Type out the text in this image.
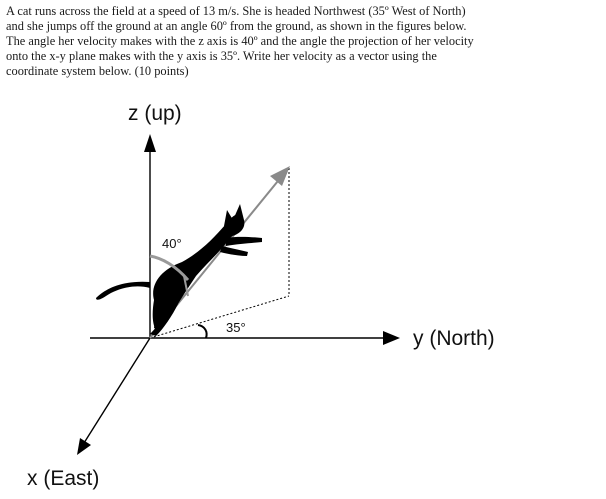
A cat runs across the field at a speed of 13 m/s. She is headed Northwest (35º West of North)
and she jumps off the ground at an angle 60º from the ground, as shown in the figures below.
The angle her velocity makes with the z axis is 40º and the angle the projection of her velocity
onto the x-y plane makes with the y axis is 35º. Write her velocity as a vector using the
coordinate system below. (10 points)
z (up)
y (North)
x (East)
40°
35°
